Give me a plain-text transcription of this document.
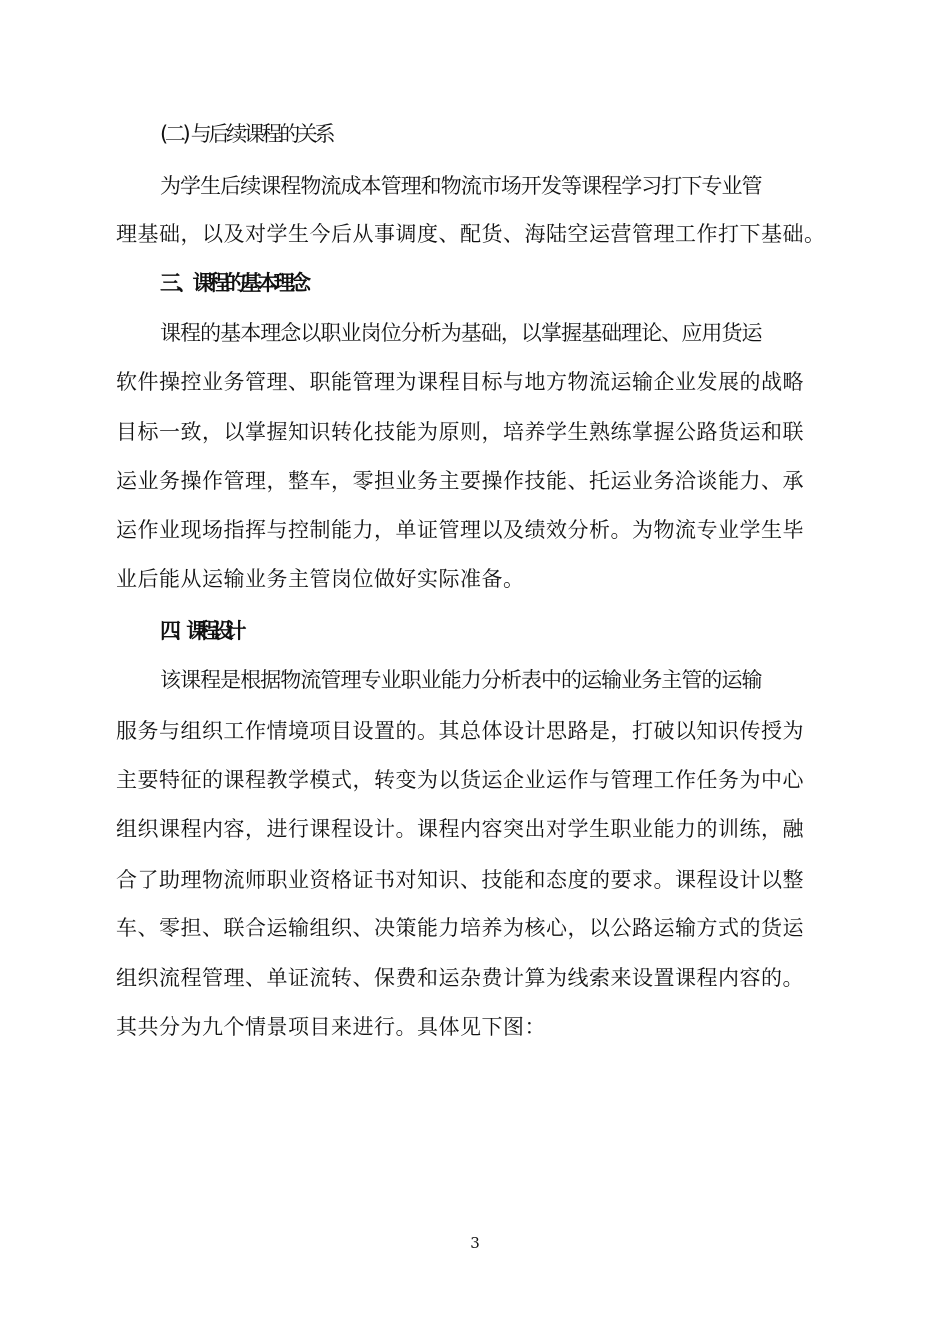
(二) 与后续课程的关系
为学生后续课程物流成本管理和物流市场开发等课程学习打下专业管
理基础，以及对学生今后从事调度、配货、海陆空运营管理工作打下基础。
三、课程的基本理念
课程的基本理念以职业岗位分析为基础，以掌握基础理论、应用货运
软件操控业务管理、职能管理为课程目标与地方物流运输企业发展的战略
目标一致，以掌握知识转化技能为原则，培养学生熟练掌握公路货运和联
运业务操作管理，整车，零担业务主要操作技能、托运业务洽谈能力、承
运作业现场指挥与控制能力，单证管理以及绩效分析。为物流专业学生毕
业后能从运输业务主管岗位做好实际准备。
四、课程设计
该课程是根据物流管理专业职业能力分析表中的运输业务主管的运输
服务与组织工作情境项目设置的。其总体设计思路是，打破以知识传授为
主要特征的课程教学模式，转变为以货运企业运作与管理工作任务为中心
组织课程内容，进行课程设计。课程内容突出对学生职业能力的训练，融
合了助理物流师职业资格证书对知识、技能和态度的要求。课程设计以整
车、零担、联合运输组织、决策能力培养为核心，以公路运输方式的货运
组织流程管理、单证流转、保费和运杂费计算为线索来设置课程内容的。
其共分为九个情景项目来进行。具体见下图：
3
